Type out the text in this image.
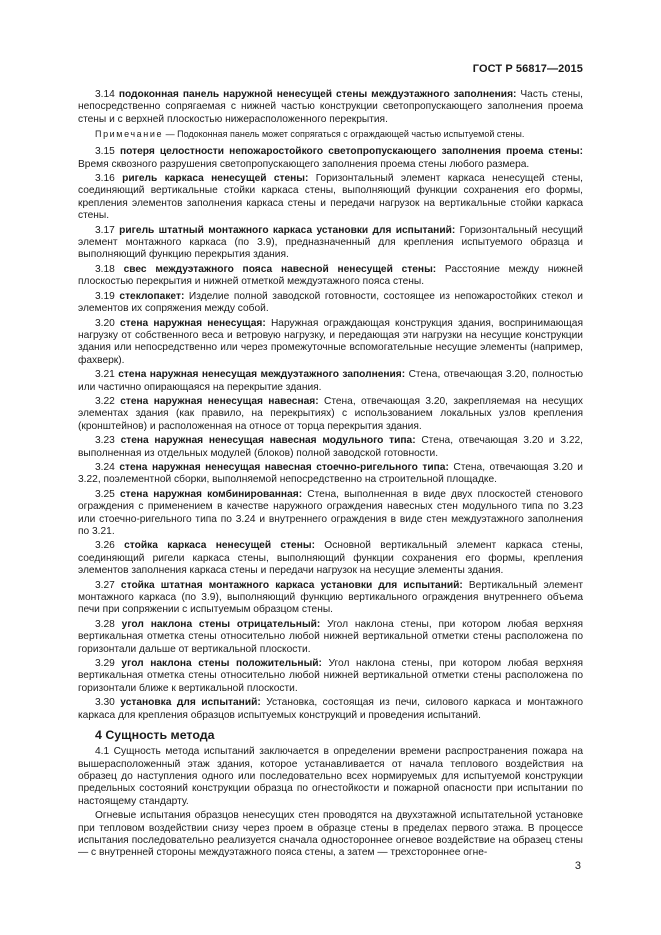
ГОСТ Р 56817—2015

3.14 подоконная панель наружной ненесущей стены междуэтажного заполнения: Часть стены, непосредственно сопрягаемая с нижней частью конструкции светопропускающего заполнения проема стены и с верхней плоскостью нижерасположенного перекрытия.

Примечание — Подоконная панель может сопрягаться с ограждающей частью испытуемой стены.

3.15 потеря целостности непожаростойкого светопропускающего заполнения проема стены: Время сквозного разрушения светопропускающего заполнения проема стены любого размера.

3.16 ригель каркаса ненесущей стены: Горизонтальный элемент каркаса ненесущей стены, соединяющий вертикальные стойки каркаса стены, выполняющий функции сохранения его формы, крепления элементов заполнения каркаса стены и передачи нагрузок на вертикальные стойки каркаса стены.

3.17 ригель штатный монтажного каркаса установки для испытаний: Горизонтальный несущий элемент монтажного каркаса (по 3.9), предназначенный для крепления испытуемого образца и выполняющий функцию перекрытия здания.

3.18 свес междуэтажного пояса навесной ненесущей стены: Расстояние между нижней плоскостью перекрытия и нижней отметкой междуэтажного пояса стены.

3.19 стеклопакет: Изделие полной заводской готовности, состоящее из непожаростойких стекол и элементов их сопряжения между собой.

3.20 стена наружная ненесущая: Наружная ограждающая конструкция здания, воспринимающая нагрузку от собственного веса и ветровую нагрузку, и передающая эти нагрузки на несущие конструкции здания или непосредственно или через промежуточные вспомогательные несущие элементы (например, фахверк).

3.21 стена наружная ненесущая междуэтажного заполнения: Стена, отвечающая 3.20, полностью или частично опирающаяся на перекрытие здания.

3.22 стена наружная ненесущая навесная: Стена, отвечающая 3.20, закрепляемая на несущих элементах здания (как правило, на перекрытиях) с использованием локальных узлов крепления (кронштейнов) и расположенная на относе от торца перекрытия здания.

3.23 стена наружная ненесущая навесная модульного типа: Стена, отвечающая 3.20 и 3.22, выполненная из отдельных модулей (блоков) полной заводской готовности.

3.24 стена наружная ненесущая навесная стоечно-ригельного типа: Стена, отвечающая 3.20 и 3.22, поэлементной сборки, выполняемой непосредственно на строительной площадке.

3.25 стена наружная комбинированная: Стена, выполненная в виде двух плоскостей стенового ограждения с применением в качестве наружного ограждения навесных стен модульного типа по 3.23 или стоечно-ригельного типа по 3.24 и внутреннего ограждения в виде стен междуэтажного заполнения по 3.21.

3.26 стойка каркаса ненесущей стены: Основной вертикальный элемент каркаса стены, соединяющий ригели каркаса стены, выполняющий функции сохранения его формы, крепления элементов заполнения каркаса стены и передачи нагрузок на несущие элементы здания.

3.27 стойка штатная монтажного каркаса установки для испытаний: Вертикальный элемент монтажного каркаса (по 3.9), выполняющий функцию вертикального ограждения внутреннего объема печи при сопряжении с испытуемым образцом стены.

3.28 угол наклона стены отрицательный: Угол наклона стены, при котором любая верхняя вертикальная отметка стены относительно любой нижней вертикальной отметки стены расположена по горизонтали дальше от вертикальной плоскости.

3.29 угол наклона стены положительный: Угол наклона стены, при котором любая верхняя вертикальная отметка стены относительно любой нижней вертикальной отметки стены расположена по горизонтали ближе к вертикальной плоскости.

3.30 установка для испытаний: Установка, состоящая из печи, силового каркаса и монтажного каркаса для крепления образцов испытуемых конструкций и проведения испытаний.

4 Сущность метода

4.1 Сущность метода испытаний заключается в определении времени распространения пожара на вышерасположенный этаж здания, которое устанавливается от начала теплового воздействия на образец до наступления одного или последовательно всех нормируемых для испытуемой конструкции предельных состояний конструкции образца по огнестойкости и пожарной опасности при испытании по настоящему стандарту.

Огневые испытания образцов ненесущих стен проводятся на двухэтажной испытательной установке при тепловом воздействии снизу через проем в образце стены в пределах первого этажа. В процессе испытания последовательно реализуется сначала одностороннее огневое воздействие на образец стены — с внутренней стороны междуэтажного пояса стены, а затем — трехстороннее огне-

3
